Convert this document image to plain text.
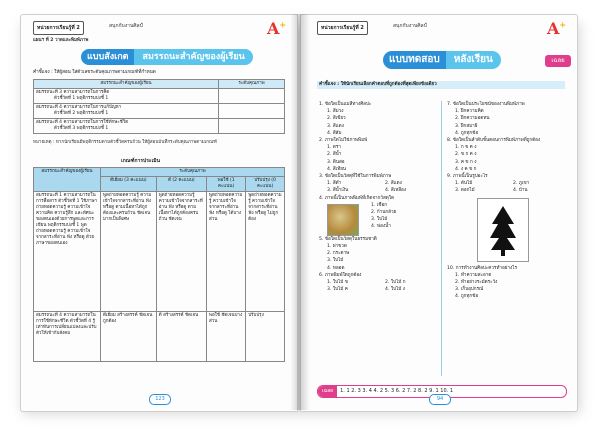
หน่วยการเรียนรู้ที่ 2	สนุกกับงานศิลป์	A+
แผนฯ ที่ 2 วาดและพิมพ์ภาพ
แบบสังเกต สมรรถนะสำคัญของผู้เรียน
คำชี้แจง : ให้ผู้สอน ใส่ตัวเลขระดับคุณภาพตามเกณฑ์ที่กำหนด
สมรรถนะสำคัญของผู้เรียน	ระดับคุณภาพ

สมรรถนะที่ 3 ความสามารถในการคิด
ตัวชี้วัดที่ 1 พฤติกรรมบ่งชี้ 1	

สมรรถนะที่ 4 ความสามารถในการแก้ปัญหา
ตัวชี้วัดที่ 2 พฤติกรรมบ่งชี้ 1	

สมรรถนะที่ 4 ความสามารถในการใช้ทักษะชีวิต
ตัวชี้วัดที่ 3 พฤติกรรมบ่งชี้ 1	

หมายเหตุ : หากนักเรียนมีพฤติกรรมตามตัวชี้วัดครบถ้วน ให้ผู้สอนบันทึกระดับคุณภาพตามเกณฑ์
เกณฑ์การประเมิน
สมรรถนะสำคัญของผู้เรียน	ระดับคุณภาพ			
	ดีเยี่ยม (3 คะแนน)	ดี (2 คะแนน)	พอใช้ (1 คะแนน)	ปรับปรุง (0 คะแนน)
สมรรถนะที่ 1 ความสามารถในการสื่อสาร ตัวชี้วัดที่ 1 ใช้ภาษาถ่ายทอดความรู้ ความเข้าใจ ความคิด ความรู้สึก และทัศนะของตนเองด้วยการพูดและการเขียน พฤติกรรมบ่งชี้ 1 พูดถ่ายทอดความรู้ ความเข้าใจจากสาระที่อ่าน ฟัง หรือดู ด้วยภาษาของตนเอง	พูดถ่ายทอดความรู้ ความเข้าใจจากสาระที่อ่าน ฟัง หรือดู ตามเนื้อหาได้ถูกต้องและครบถ้วน ชัดเจน มากเป็นพิเศษ	พูดถ่ายทอดความรู้ ความเข้าใจจากสาระที่อ่าน ฟัง หรือดู ตามเนื้อหาได้ถูกต้องครบถ้วน ชัดเจน	พูดถ่ายทอดความรู้ ความเข้าใจจากสาระที่อ่าน ฟัง หรือดู ได้บางส่วน	พูดถ่ายทอดความรู้ ความเข้าใจจากสาระที่อ่าน ฟัง หรือดู ไม่ถูกต้อง
สมรรถนะที่ 4 ความสามารถในการใช้ทักษะชีวิต ตัวชี้วัดที่ 4 รู้เท่าทันการเปลี่ยนแปลงและปรับตัวให้เข้ากับสังคม	ดีเยี่ยม สร้างสรรค์ ชัดเจน ถูกต้อง	ดี สร้างสรรค์ ชัดเจน	พอใช้ ชัดเจนบางส่วน	ปรับปรุง
123
หน่วยการเรียนรู้ที่ 2	สนุกกับงานศิลป์	A+
แบบทดสอบ หลังเรียน	เฉลย
คำชี้แจง : ให้นักเรียนเลือกคำตอบที่ถูกต้องที่สุดเพียงข้อเดียว
1. ข้อใดเป็นแม่สีทางศิลปะ
1. สีม่วง
2. สีเขียว
3. สีแดง
4. สีส้ม
2. ภาพใดไม่ใช่ภาพพิมพ์
1. ตรา
2. สีน้ำ
3. ดินสอ
4. สีเทียน
3. ข้อใดเป็นวัสดุที่ใช้ในการพิมพ์ภาพ
1. สีดำ	2. สีแดง
3. สีน้ำเงิน	4. สีเหลือง
4. ภาพนี้เป็นภาพพิมพ์ที่เกิดจากวัสดุใด
1. เชือก
2. ก้านกล้วย
3. ใบไม้
4. ฟองน้ำ
5. ข้อใดเป็นวัสดุในธรรมชาติ
1. ฝาขวด
2. กระดาษ
3. ใบไม้
4. หลอด
6. ภาพพิมพ์ใดถูกต้อง
1. ใบไม้ ข	2. ใบไม้ ก
3. ใบไม้ ค	4. ใบไม้ ง
7. ข้อใดเป็นประโยชน์ของงานพิมพ์ภาพ
1. ฝึกความคิด
2. ฝึกความอดทน
3. ฝึกสมาธิ
4. ถูกทุกข้อ
8. ข้อใดเป็นลำดับขั้นตอนการพิมพ์ภาพที่ถูกต้อง
1. ก ข ค ง
2. ข ก ค ง
3. ค ข ก ง
4. ง ค ข ก
9. ภาพนี้เป็นรูปอะไร
1. ต้นไม้	2. ภูเขา
3. ดอกไม้	4. บ้าน
10. การทำงานศิลปะควรทำอย่างไร
1. ทำความสะอาด
2. ทำอย่างระมัดระวัง
3. เก็บอุปกรณ์
4. ถูกทุกข้อ
เฉลย 1. 1 2. 3 3. 4 4. 2 5. 3 6. 2 7. 2 8. 2 9. 1 10. 1
94
